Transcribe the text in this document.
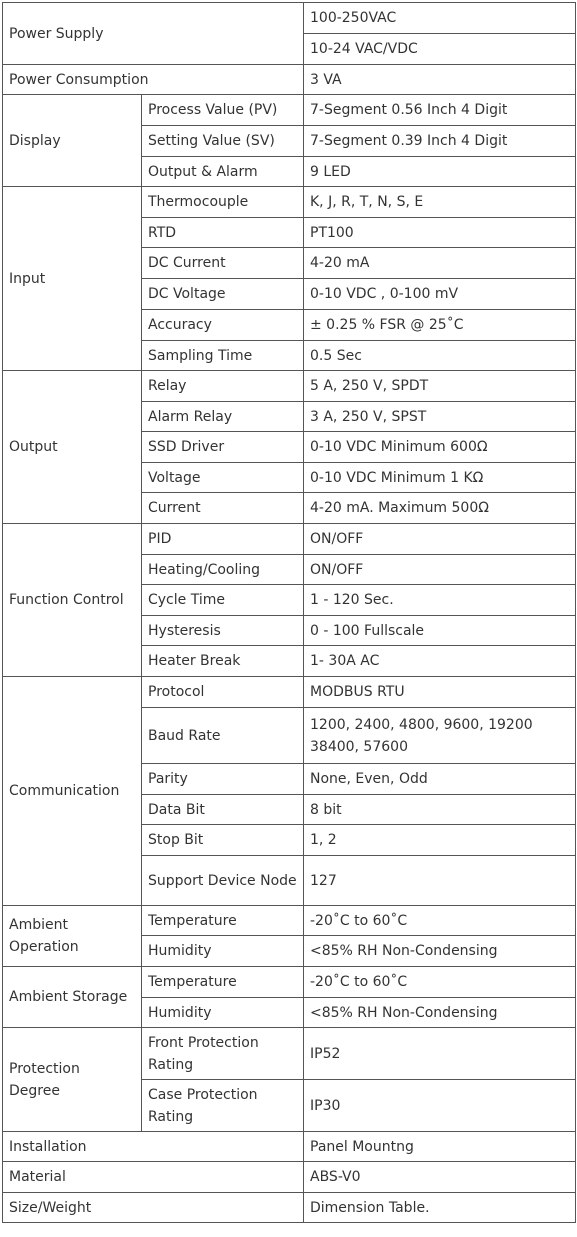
Power Supply		100-250VAC
		10-24 VAC/VDC
Power Consumption		3 VA
Display	Process Value (PV)	7-Segment 0.56 Inch 4 Digit
	Setting Value (SV)	7-Segment 0.39 Inch 4 Digit
	Output & Alarm	9 LED
Input	Thermocouple	K, J, R, T, N, S, E
	RTD	PT100
	DC Current	4-20 mA
	DC Voltage	0-10 VDC , 0-100 mV
	Accuracy	± 0.25 % FSR @ 25˚C
	Sampling Time	0.5 Sec
Output	Relay	5 A, 250 V, SPDT
	Alarm Relay	3 A, 250 V, SPST
	SSD Driver	0-10 VDC Minimum 600Ω
	Voltage	0-10 VDC Minimum 1 KΩ
	Current	4-20 mA. Maximum 500Ω
Function Control	PID	ON/OFF
	Heating/Cooling	ON/OFF
	Cycle Time	1 - 120 Sec.
	Hysteresis	0 - 100 Fullscale
	Heater Break	1- 30A AC
Communication	Protocol	MODBUS RTU
	Baud Rate	1200, 2400, 4800, 9600, 19200 38400, 57600
	Parity	None, Even, Odd
	Data Bit	8 bit
	Stop Bit	1, 2
	Support Device Node	127
Ambient Operation	Temperature	-20˚C to 60˚C
	Humidity	<85% RH Non-Condensing
Ambient Storage	Temperature	-20˚C to 60˚C
	Humidity	<85% RH Non-Condensing
Protection Degree	Front Protection Rating	IP52
	Case Protection Rating	IP30
Installation		Panel Mountng
Material		ABS-V0
Size/Weight		Dimension Table.
